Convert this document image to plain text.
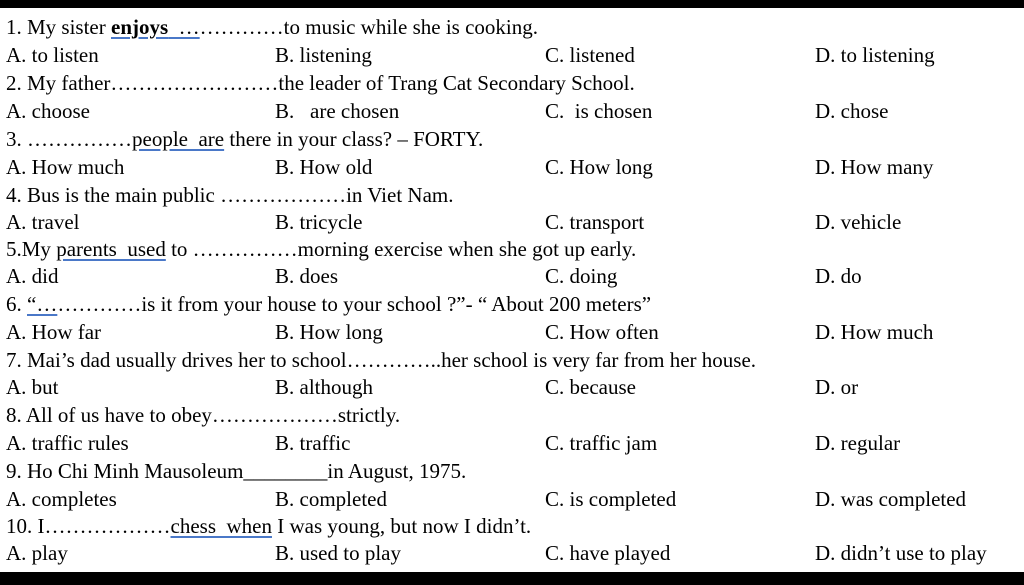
1. My sister enjoys  ……………to music while she is cooking.
A. to listen	B. listening	C. listened	D. to listening
2. My father……………………the leader of Trang Cat Secondary School.
A. choose	B.   are chosen	C.  is chosen	D. chose
3. ……………people  are there in your class? – FORTY.
A. How much	B. How old	C. How long	D. How many
4. Bus is the main public ………………in Viet Nam.
A. travel	B. tricycle	C. transport	D. vehicle
5.My parents  used to ……………morning exercise when she got up early.
A. did	B. does	C. doing	D. do
6. “……………is it from your house to your school ?”- “ About 200 meters”
A. How far	B. How long	C. How often	D. How much
7. Mai’s dad usually drives her to school…………..her school is very far from her house.
A. but	B. although	C. because	D. or
8. All of us have to obey………………strictly.
A. traffic rules	B. traffic	C. traffic jam	D. regular
9. Ho Chi Minh Mausoleum________in August, 1975.
A. completes	B. completed	C. is completed	D. was completed
10. I………………chess  when I was young, but now I didn’t.
A. play	B. used to play	C. have played	D. didn’t use to play
